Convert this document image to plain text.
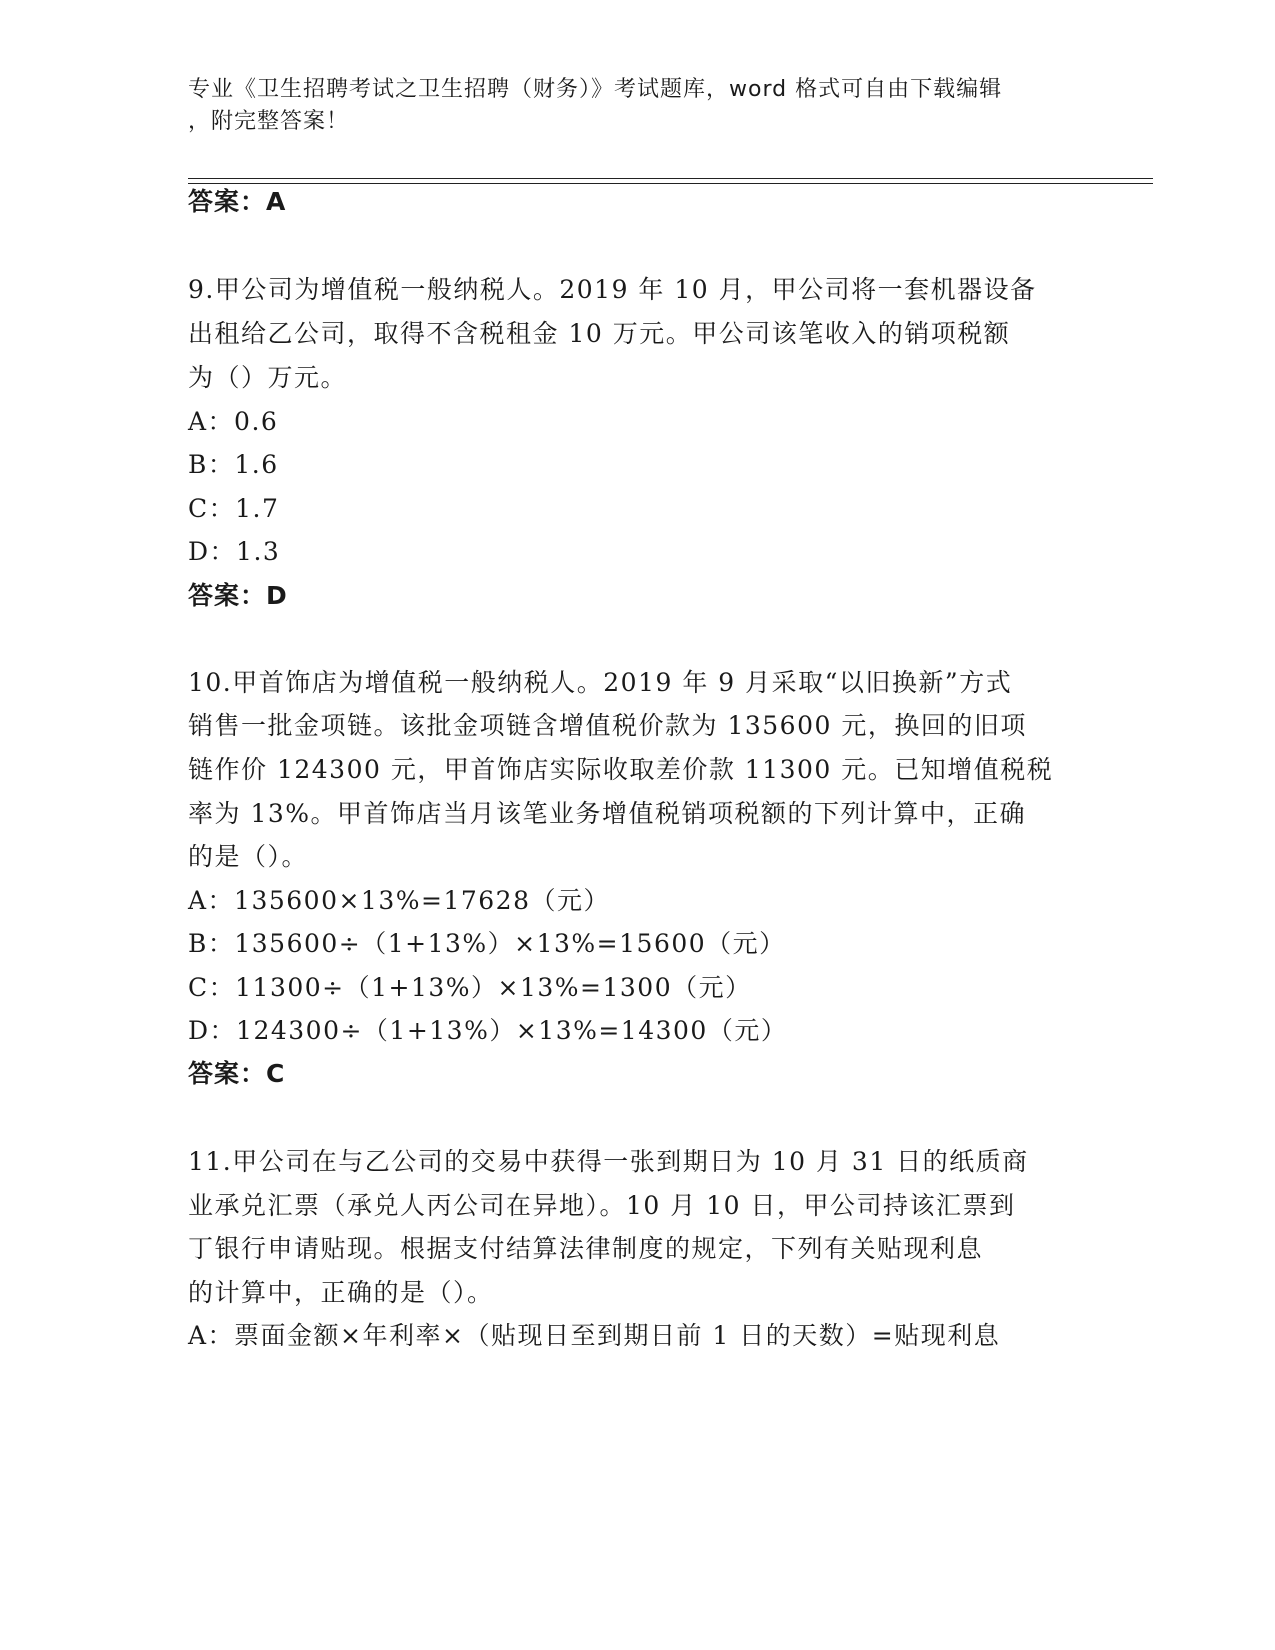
专业《卫生招聘考试之卫生招聘（财务）》考试题库，word 格式可自由下载编辑
，附完整答案！
答案：A
9.甲公司为增值税一般纳税人。2019 年 10 月，甲公司将一套机器设备
出租给乙公司，取得不含税租金 10 万元。甲公司该笔收入的销项税额
为（）万元。
A：0.6
B：1.6
C：1.7
D：1.3
答案：D
10.甲首饰店为增值税一般纳税人。2019 年 9 月采取“以旧换新”方式
销售一批金项链。该批金项链含增值税价款为 135600 元，换回的旧项
链作价 124300 元，甲首饰店实际收取差价款 11300 元。已知增值税税
率为 13%。甲首饰店当月该笔业务增值税销项税额的下列计算中，正确
的是（）。
A：135600×13%=17628（元）
B：135600÷（1+13%）×13%=15600（元）
C：11300÷（1+13%）×13%=1300（元）
D：124300÷（1+13%）×13%=14300（元）
答案：C
11.甲公司在与乙公司的交易中获得一张到期日为 10 月 31 日的纸质商
业承兑汇票（承兑人丙公司在异地）。10 月 10 日，甲公司持该汇票到
丁银行申请贴现。根据支付结算法律制度的规定，下列有关贴现利息
的计算中，正确的是（）。
A：票面金额×年利率×（贴现日至到期日前 1 日的天数）=贴现利息
